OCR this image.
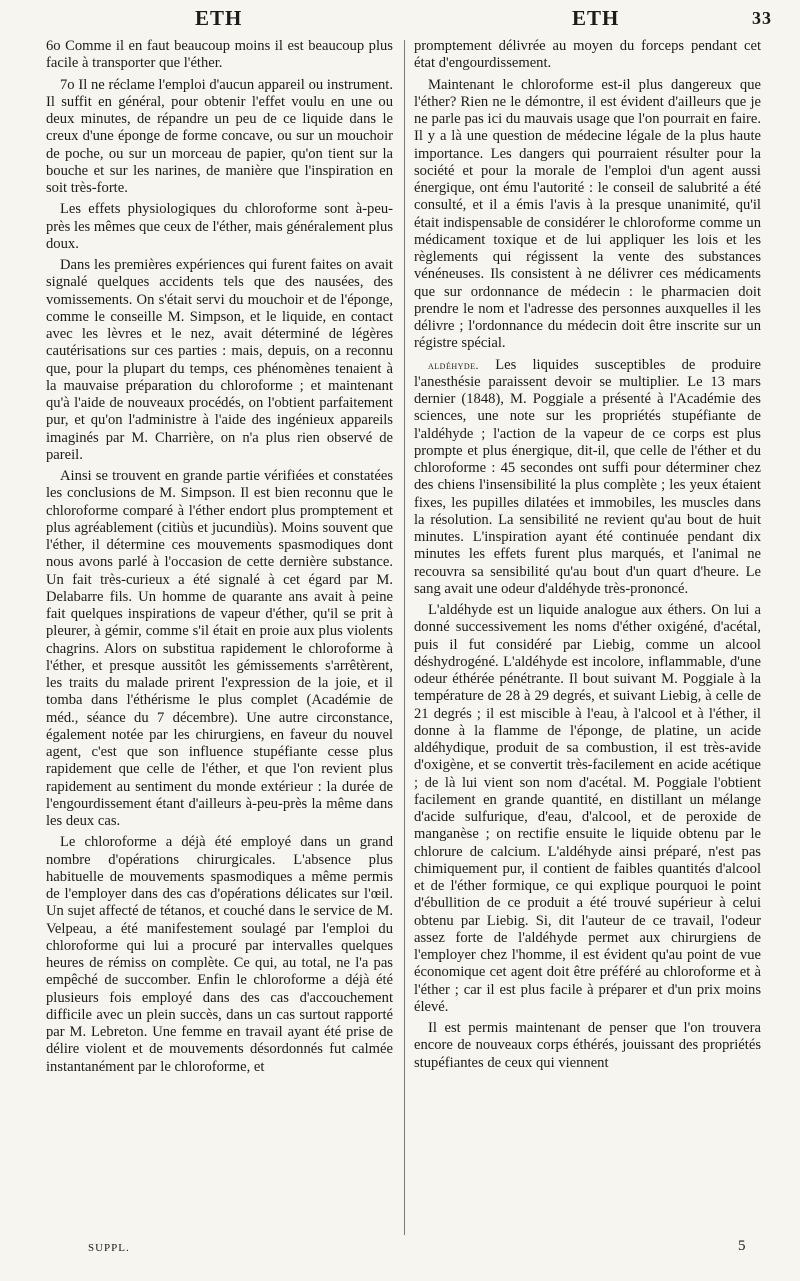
ETH	ETH	33

6o Comme il en faut beaucoup moins il est beaucoup plus facile à transporter que l'éther.

7o Il ne réclame l'emploi d'aucun appareil ou instrument. Il suffit en général, pour obtenir l'effet voulu en une ou deux minutes, de répandre un peu de ce liquide dans le creux d'une éponge de forme concave, ou sur un mouchoir de poche, ou sur un morceau de papier, qu'on tient sur la bouche et sur les narines, de manière que l'inspiration en soit très-forte.

Les effets physiologiques du chloroforme sont à-peu-près les mêmes que ceux de l'éther, mais généralement plus doux.

Dans les premières expériences qui furent faites on avait signalé quelques accidents tels que des nausées, des vomissements. On s'était servi du mouchoir et de l'éponge, comme le conseille M. Simpson, et le liquide, en contact avec les lèvres et le nez, avait déterminé de légères cautérisations sur ces parties : mais, depuis, on a reconnu que, pour la plupart du temps, ces phénomènes tenaient à la mauvaise préparation du chloroforme ; et maintenant qu'à l'aide de nouveaux procédés, on l'obtient parfaitement pur, et qu'on l'administre à l'aide des ingénieux appareils imaginés par M. Charrière, on n'a plus rien observé de pareil.

Ainsi se trouvent en grande partie vérifiées et constatées les conclusions de M. Simpson. Il est bien reconnu que le chloroforme comparé à l'éther endort plus promptement et plus agréablement (citiùs et jucundiùs). Moins souvent que l'éther, il détermine ces mouvements spasmodiques dont nous avons parlé à l'occasion de cette dernière substance. Un fait très-curieux a été signalé à cet égard par M. Delabarre fils. Un homme de quarante ans avait à peine fait quelques inspirations de vapeur d'éther, qu'il se prit à pleurer, à gémir, comme s'il était en proie aux plus violents chagrins. Alors on substitua rapidement le chloroforme à l'éther, et presque aussitôt les gémissements s'arrêtèrent, les traits du malade prirent l'expression de la joie, et il tomba dans l'éthérisme le plus complet (Académie de méd., séance du 7 décembre). Une autre circonstance, également notée par les chirurgiens, en faveur du nouvel agent, c'est que son influence stupéfiante cesse plus rapidement que celle de l'éther, et que l'on revient plus rapidement au sentiment du monde extérieur : la durée de l'engourdissement étant d'ailleurs à-peu-près la même dans les deux cas.

Le chloroforme a déjà été employé dans un grand nombre d'opérations chirurgicales. L'absence plus habituelle de mouvements spasmodiques a même permis de l'employer dans des cas d'opérations délicates sur l'œil. Un sujet affecté de tétanos, et couché dans le service de M. Velpeau, a été manifestement soulagé par l'emploi du chloroforme qui lui a procuré par intervalles quelques heures de rémiss on complète. Ce qui, au total, ne l'a pas empêché de succomber. Enfin le chloroforme a déjà été plusieurs fois employé dans des cas d'accouchement difficile avec un plein succès, dans un cas surtout rapporté par M. Lebreton. Une femme en travail ayant été prise de délire violent et de mouvements désordonnés fut calmée instantanément par le chloroforme, et

promptement délivrée au moyen du forceps pendant cet état d'engourdissement.

Maintenant le chloroforme est-il plus dangereux que l'éther? Rien ne le démontre, il est évident d'ailleurs que je ne parle pas ici du mauvais usage que l'on pourrait en faire. Il y a là une question de médecine légale de la plus haute importance. Les dangers qui pourraient résulter pour la société et pour la morale de l'emploi d'un agent aussi énergique, ont ému l'autorité : le conseil de salubrité a été consulté, et il a émis l'avis à la presque unanimité, qu'il était indispensable de considérer le chloroforme comme un médicament toxique et de lui appliquer les lois et les règlements qui régissent la vente des substances vénéneuses. Ils consistent à ne délivrer ces médicaments que sur ordonnance de médecin : le pharmacien doit prendre le nom et l'adresse des personnes auxquelles il les délivre ; l'ordonnance du médecin doit être inscrite sur un régistre spécial.

aldéhyde. Les liquides susceptibles de produire l'anesthésie paraissent devoir se multiplier. Le 13 mars dernier (1848), M. Poggiale a présenté à l'Académie des sciences, une note sur les propriétés stupéfiante de l'aldéhyde ; l'action de la vapeur de ce corps est plus prompte et plus énergique, dit-il, que celle de l'éther et du chloroforme : 45 secondes ont suffi pour déterminer chez des chiens l'insensibilité la plus complète ; les yeux étaient fixes, les pupilles dilatées et immobiles, les muscles dans la résolution. La sensibilité ne revient qu'au bout de huit minutes. L'inspiration ayant été continuée pendant dix minutes les effets furent plus marqués, et l'animal ne recouvra sa sensibilité qu'au bout d'un quart d'heure. Le sang avait une odeur d'aldéhyde très-prononcé.

L'aldéhyde est un liquide analogue aux éthers. On lui a donné successivement les noms d'éther oxigéné, d'acétal, puis il fut considéré par Liebig, comme un alcool déshydrogéné. L'aldéhyde est incolore, inflammable, d'une odeur éthérée pénétrante. Il bout suivant M. Poggiale à la température de 28 à 29 degrés, et suivant Liebig, à celle de 21 degrés ; il est miscible à l'eau, à l'alcool et à l'éther, il donne à la flamme de l'éponge, de platine, un acide aldéhydique, produit de sa combustion, il est très-avide d'oxigène, et se convertit très-facilement en acide acétique ; de là lui vient son nom d'acétal. M. Poggiale l'obtient facilement en grande quantité, en distillant un mélange d'acide sulfurique, d'eau, d'alcool, et de peroxide de manganèse ; on rectifie ensuite le liquide obtenu par le chlorure de calcium. L'aldéhyde ainsi préparé, n'est pas chimiquement pur, il contient de faibles quantités d'alcool et de l'éther formique, ce qui explique pourquoi le point d'ébullition de ce produit a été trouvé supérieur à celui obtenu par Liebig. Si, dit l'auteur de ce travail, l'odeur assez forte de l'aldéhyde permet aux chirurgiens de l'employer chez l'homme, il est évident qu'au point de vue économique cet agent doit être préféré au chloroforme et à l'éther ; car il est plus facile à préparer et d'un prix moins élevé.

Il est permis maintenant de penser que l'on trouvera encore de nouveaux corps éthérés, jouissant des propriétés stupéfiantes de ceux qui viennent

SUPPL.	5
